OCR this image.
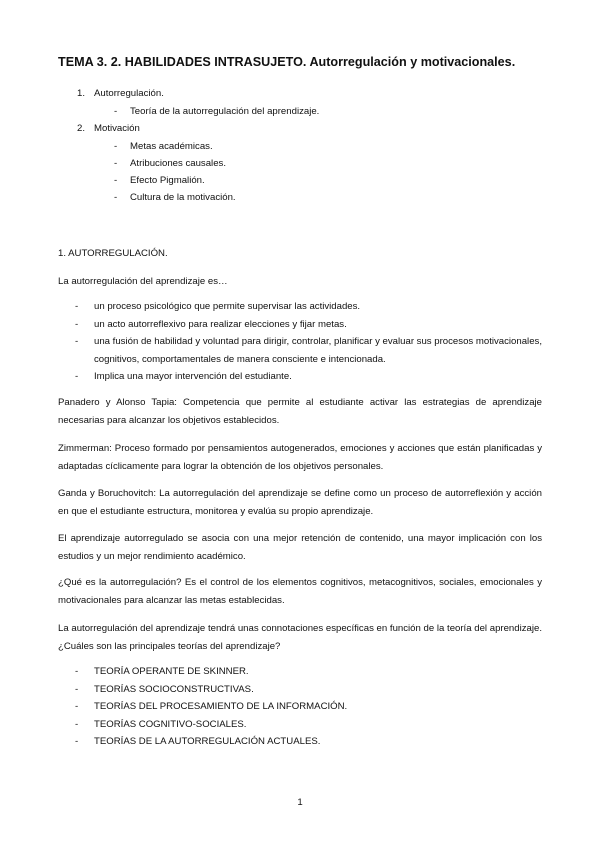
TEMA 3. 2. HABILIDADES INTRASUJETO. Autorregulación y motivacionales.
1. Autorregulación.
- Teoría de la autorregulación del aprendizaje.
2. Motivación
- Metas académicas.
- Atribuciones causales.
- Efecto Pigmalión.
- Cultura de la motivación.
1. AUTORREGULACIÓN.
La autorregulación del aprendizaje es…
- un proceso psicológico que permite supervisar las actividades.
- un acto autorreflexivo para realizar elecciones y fijar metas.
- una fusión de habilidad y voluntad para dirigir, controlar, planificar y evaluar sus procesos motivacionales, cognitivos, comportamentales de manera consciente e intencionada.
- Implica una mayor intervención del estudiante.
Panadero y Alonso Tapia: Competencia que permite al estudiante activar las estrategias de aprendizaje necesarias para alcanzar los objetivos establecidos.
Zimmerman: Proceso formado por pensamientos autogenerados, emociones y acciones que están planificadas y adaptadas cíclicamente para lograr la obtención de los objetivos personales.
Ganda y Boruchovitch: La autorregulación del aprendizaje se define como un proceso de autorreflexión y acción en que el estudiante estructura, monitorea y evalúa su propio aprendizaje.
El aprendizaje autorregulado se asocia con una mejor retención de contenido, una mayor implicación con los estudios y un mejor rendimiento académico.
¿Qué es la autorregulación? Es el control de los elementos cognitivos, metacognitivos, sociales, emocionales y motivacionales para alcanzar las metas establecidas.
La autorregulación del aprendizaje tendrá unas connotaciones específicas en función de la teoría del aprendizaje. ¿Cuáles son las principales teorías del aprendizaje?
- TEORÍA OPERANTE DE SKINNER.
- TEORÍAS SOCIOCONSTRUCTIVAS.
- TEORÍAS DEL PROCESAMIENTO DE LA INFORMACIÓN.
- TEORÍAS COGNITIVO-SOCIALES.
- TEORÍAS DE LA AUTORREGULACIÓN ACTUALES.
1
